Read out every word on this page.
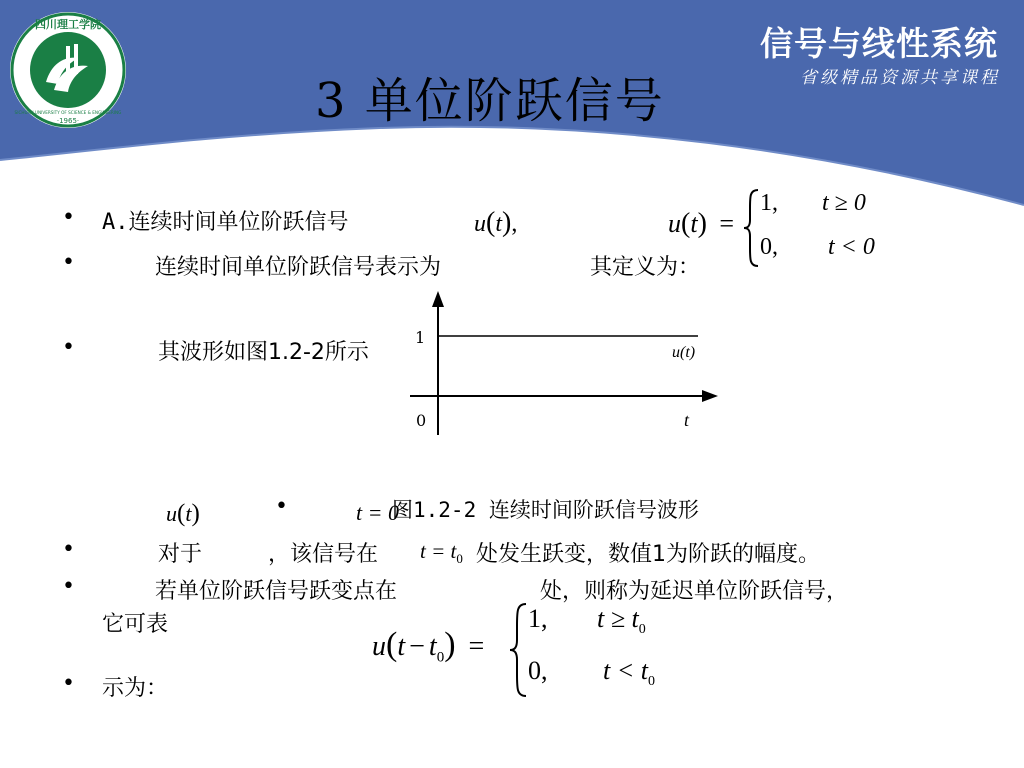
四川理工学院
·1965·
SICHUAN UNIVERSITY OF SCIENCE & ENGINEERING	3 单位阶跃信号
信号与线性系统
省级精品资源共享课程
• A.连续时间单位阶跃信号	u(t),	u(t) =
1, t ≥ 0
0, t < 0
•	连续时间单位阶跃信号表示为	其定义为：
•	其波形如图1.2-2所示
1
0	t
u(t)
u(t)	•	t = 0
图1.2-2 连续时间阶跃信号波形
•	对于	，该信号在 $t = t_0$ 处发生跃变，数值1为阶跃的幅度。
•	若单位阶跃信号跃变点在	处，则称为延迟单位阶跃信号，
它可表
$u(t - t_0)$ =
1, $t \ge t_0$
0, $t < t_0$
• 示为：
